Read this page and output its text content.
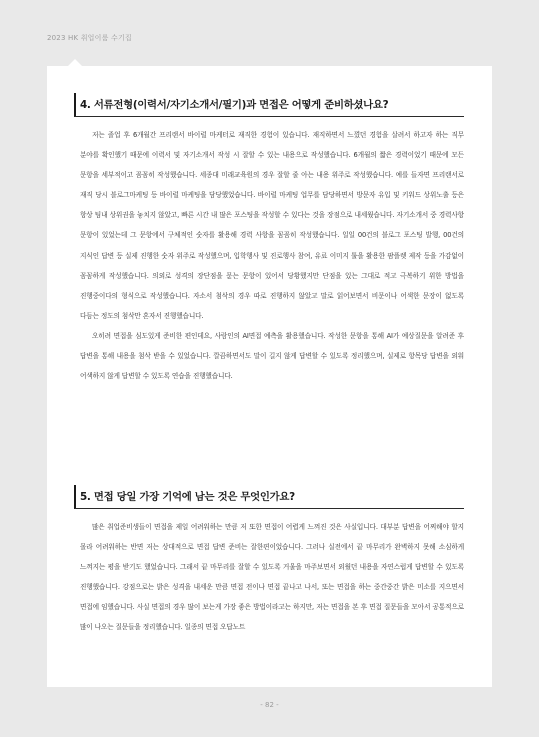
2023 HK 취업이룸 수기집
4. 서류전형(이력서/자기소개서/필기)과 면접은 어떻게 준비하셨나요?

저는 졸업 후 6개월간 프리랜서 바이럴 마케터로 재직한 경험이 있습니다. 재직하면서 느꼈던 경험을 살려서 하고자 하는 직무 분야를 확인했기 때문에 이력서 및 자기소개서 작성 시 잘할 수 있는 내용으로 작성했습니다. 6개월의 짧은 경력이었기 때문에 모든 문항을 세부적이고 꼼꼼히 작성했습니다. 세종대 미래교육원의 경우 잘할 줄 아는 내용 위주로 작성했습니다. 예를 들자면 프리랜서로 재직 당시 블로그마케팅 등 바이럴 마케팅을 담당했었습니다. 바이럴 마케팅 업무를 담당하면서 방문자 유입 및 키워드 상위노출 등은 항상 팀내 상위권을 놓치지 않았고, 빠른 시간 내 많은 포스팅을 작성할 수 있다는 것을 장점으로 내세웠습니다. 자기소개서 중 경력사항 문항이 있었는데 그 문항에서 구체적인 숫자를 활용해 경력 사항을 꼼꼼히 작성했습니다. 일일 00건의 블로그 포스팅 발행, 00건의 지식인 답변 등 실제 진행한 숫자 위주로 작성했으며, 입학행사 및 진로행사 참여, 유료 이미지 툴을 활용한 팜플렛 제작 등을 가감없이 꼼꼼하게 작성했습니다. 의외로 성격의 장단점을 묻는 문항이 있어서 당황했지만 단점을 있는 그대로 적고 극복하기 위한 방법을 진행중이다의 형식으로 작성했습니다. 자소서 첨삭의 경우 따로 진행하지 않았고 말로 읽어보면서 비문이나 어색한 문장이 없도록 다듬는 정도의 첨삭만 혼자서 진행했습니다.

오히려 면접을 심도있게 준비한 편인데요, 사람인의 AI면접 예측을 활용했습니다. 작성한 문항을 통해 AI가 예상질문을 알려준 후 답변을 통해 내용을 첨삭 받을 수 있었습니다. 깔끔하면서도 말이 길지 않게 답변할 수 있도록 정리했으며, 실제로 항목당 답변을 외워 어색하지 않게 답변할 수 있도록 연습을 진행했습니다.

5. 면접 당일 가장 기억에 남는 것은 무엇인가요?

많은 취업준비생들이 면접을 제일 어려워하는 만큼 저 또한 면접이 어렵게 느껴진 것은 사실입니다. 대부분 답변을 어찌해야 할지 몰라 어려워하는 반면 저는 상대적으로 면접 답변 준비는 잘한편이었습니다. 그러나 실전에서 끝 마무리가 완벽하지 못해 소심하게 느껴지는 평을 받기도 했었습니다. 그래서 끝 마무리를 잘할 수 있도록 거울을 마주보면서 외웠던 내용을 자연스럽게 답변할 수 있도록 진행했습니다. 강점으로는 밝은 성격을 내세운 만큼 면접 전이나 면접 끝나고 나서, 또는 면접을 하는 중간중간 밝은 미소를 지으면서 면접에 임했습니다. 사실 면접의 경우 많이 보는게 가장 좋은 방법이라고는 하지만, 저는 면접을 본 후 면접 질문들을 모아서 공통적으로 많이 나오는 질문들을 정리했습니다. 일종의 면접 오답노트

- 82 -
